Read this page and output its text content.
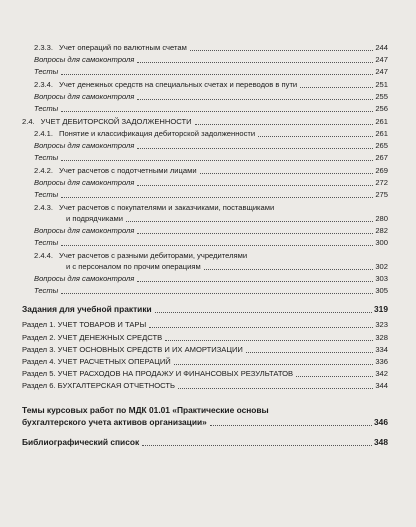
2.3.3. Учет операций по валютным счетам	244
Вопросы для самоконтроля	247
Тесты	247
2.3.4. Учет денежных средств на специальных счетах и переводов в пути	251
Вопросы для самоконтроля	255
Тесты	256
2.4. УЧЕТ ДЕБИТОРСКОЙ ЗАДОЛЖЕННОСТИ	261
2.4.1. Понятие и классификация дебиторской задолженности	261
Вопросы для самоконтроля	265
Тесты	267
2.4.2. Учет расчетов с подотчетными лицами	269
Вопросы для самоконтроля	272
Тесты	275
2.4.3. Учет расчетов с покупателями и заказчиками, поставщиками
и подрядчиками	280
Вопросы для самоконтроля	282
Тесты	300
2.4.4. Учет расчетов с разными дебиторами, учредителями
и с персоналом по прочим операциям	302
Вопросы для самоконтроля	303
Тесты	305
Задания для учебной практики	319
Раздел 1. УЧЕТ ТОВАРОВ И ТАРЫ	323
Раздел 2. УЧЕТ ДЕНЕЖНЫХ СРЕДСТВ	328
Раздел 3. УЧЕТ ОСНОВНЫХ СРЕДСТВ И ИХ АМОРТИЗАЦИИ	334
Раздел 4. УЧЕТ РАСЧЕТНЫХ ОПЕРАЦИЙ	336
Раздел 5. УЧЕТ РАСХОДОВ НА ПРОДАЖУ И ФИНАНСОВЫХ РЕЗУЛЬТАТОВ	342
Раздел 6. БУХГАЛТЕРСКАЯ ОТЧЕТНОСТЬ	344
Темы курсовых работ по МДК 01.01 «Практические основы
бухгалтерского учета активов организации»	346
Библиографический список	348
